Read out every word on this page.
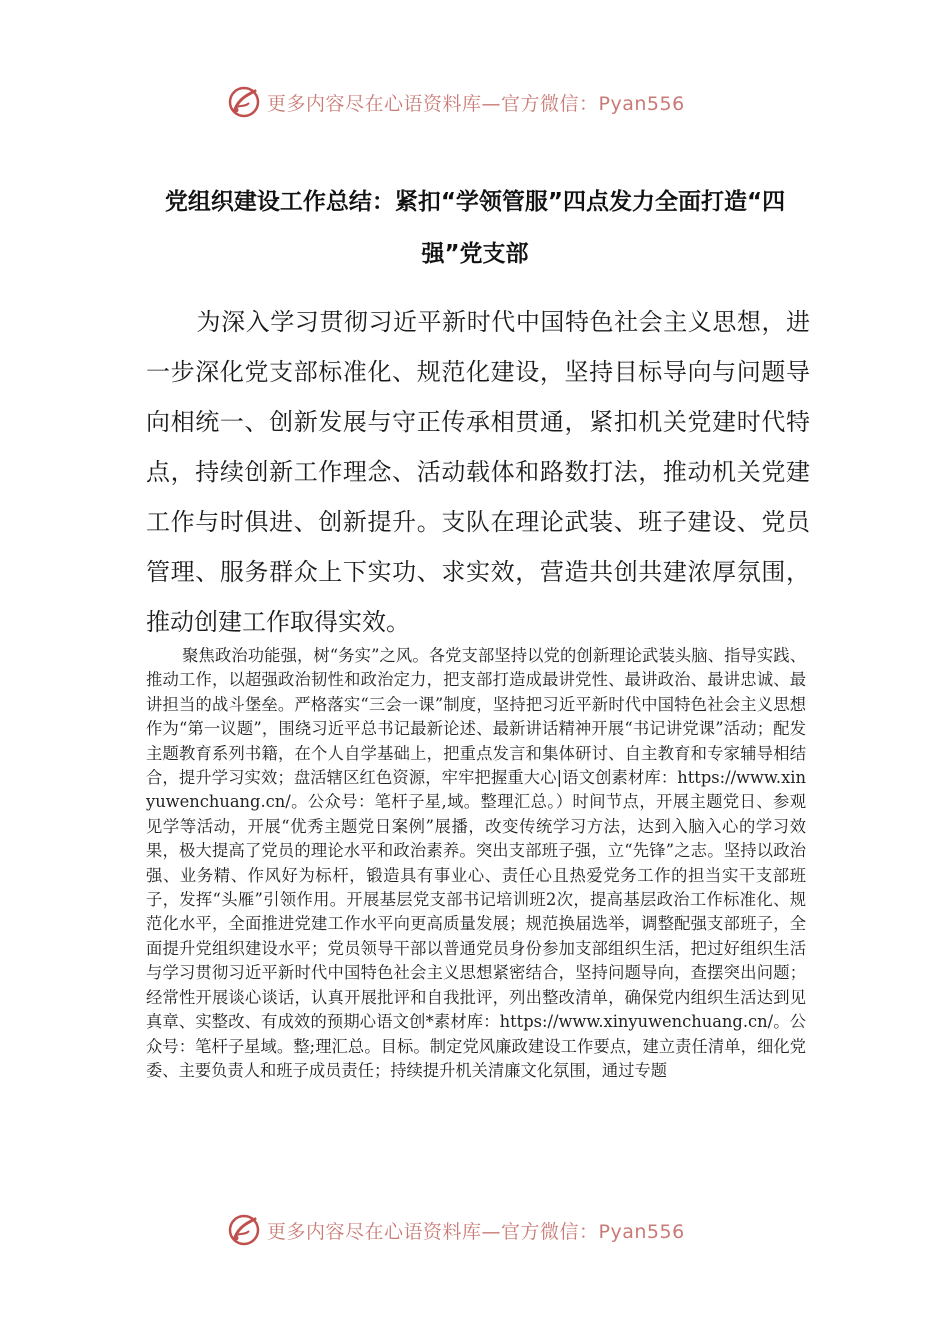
更多内容尽在心语资料库—官方微信：Pyan556
党组织建设工作总结：紧扣“学领管服”四点发力全面打造“四强”党支部

为深入学习贯彻习近平新时代中国特色社会主义思想，进一步深化党支部标准化、规范化建设，坚持目标导向与问题导向相统一、创新发展与守正传承相贯通，紧扣机关党建时代特点，持续创新工作理念、活动载体和路数打法，推动机关党建工作与时俱进、创新提升。支队在理论武装、班子建设、党员管理、服务群众上下实功、求实效，营造共创共建浓厚氛围，推动创建工作取得实效。

聚焦政治功能强，树“务实”之风。各党支部坚持以党的创新理论武装头脑、指导实践、推动工作，以超强政治韧性和政治定力，把支部打造成最讲党性、最讲政治、最讲忠诚、最讲担当的战斗堡垒。严格落实“三会一课”制度，坚持把习近平新时代中国特色社会主义思想作为“第一议题”，围绕习近平总书记最新论述、最新讲话精神开展“书记讲党课”活动；配发主题教育系列书籍，在个人自学基础上，把重点发言和集体研讨、自主教育和专家辅导相结合，提升学习实效；盘活辖区红色资源，牢牢把握重大心|语文创素材库：https://www.xinyuwenchuang.cn/。公众号：笔杆子星,域。整理汇总。）时间节点，开展主题党日、参观见学等活动，开展“优秀主题党日案例”展播，改变传统学习方法，达到入脑入心的学习效果，极大提高了党员的理论水平和政治素养。突出支部班子强，立“先锋”之志。坚持以政治强、业务精、作风好为标杆，锻造具有事业心、责任心且热爱党务工作的担当实干支部班子，发挥“头雁”引领作用。开展基层党支部书记培训班2次，提高基层政治工作标准化、规范化水平，全面推进党建工作水平向更高质量发展；规范换届选举，调整配强支部班子，全面提升党组织建设水平；党员领导干部以普通党员身份参加支部组织生活，把过好组织生活与学习贯彻习近平新时代中国特色社会主义思想紧密结合，坚持问题导向，查摆突出问题；经常性开展谈心谈话，认真开展批评和自我批评，列出整改清单，确保党内组织生活达到见真章、实整改、有成效的预期心语文创*素材库：https://www.xinyuwenchuang.cn/。公众号：笔杆子星域。整;理汇总。目标。制定党风廉政建设工作要点，建立责任清单，细化党委、主要负责人和班子成员责任；持续提升机关清廉文化氛围，通过专题

更多内容尽在心语资料库—官方微信：Pyan556
